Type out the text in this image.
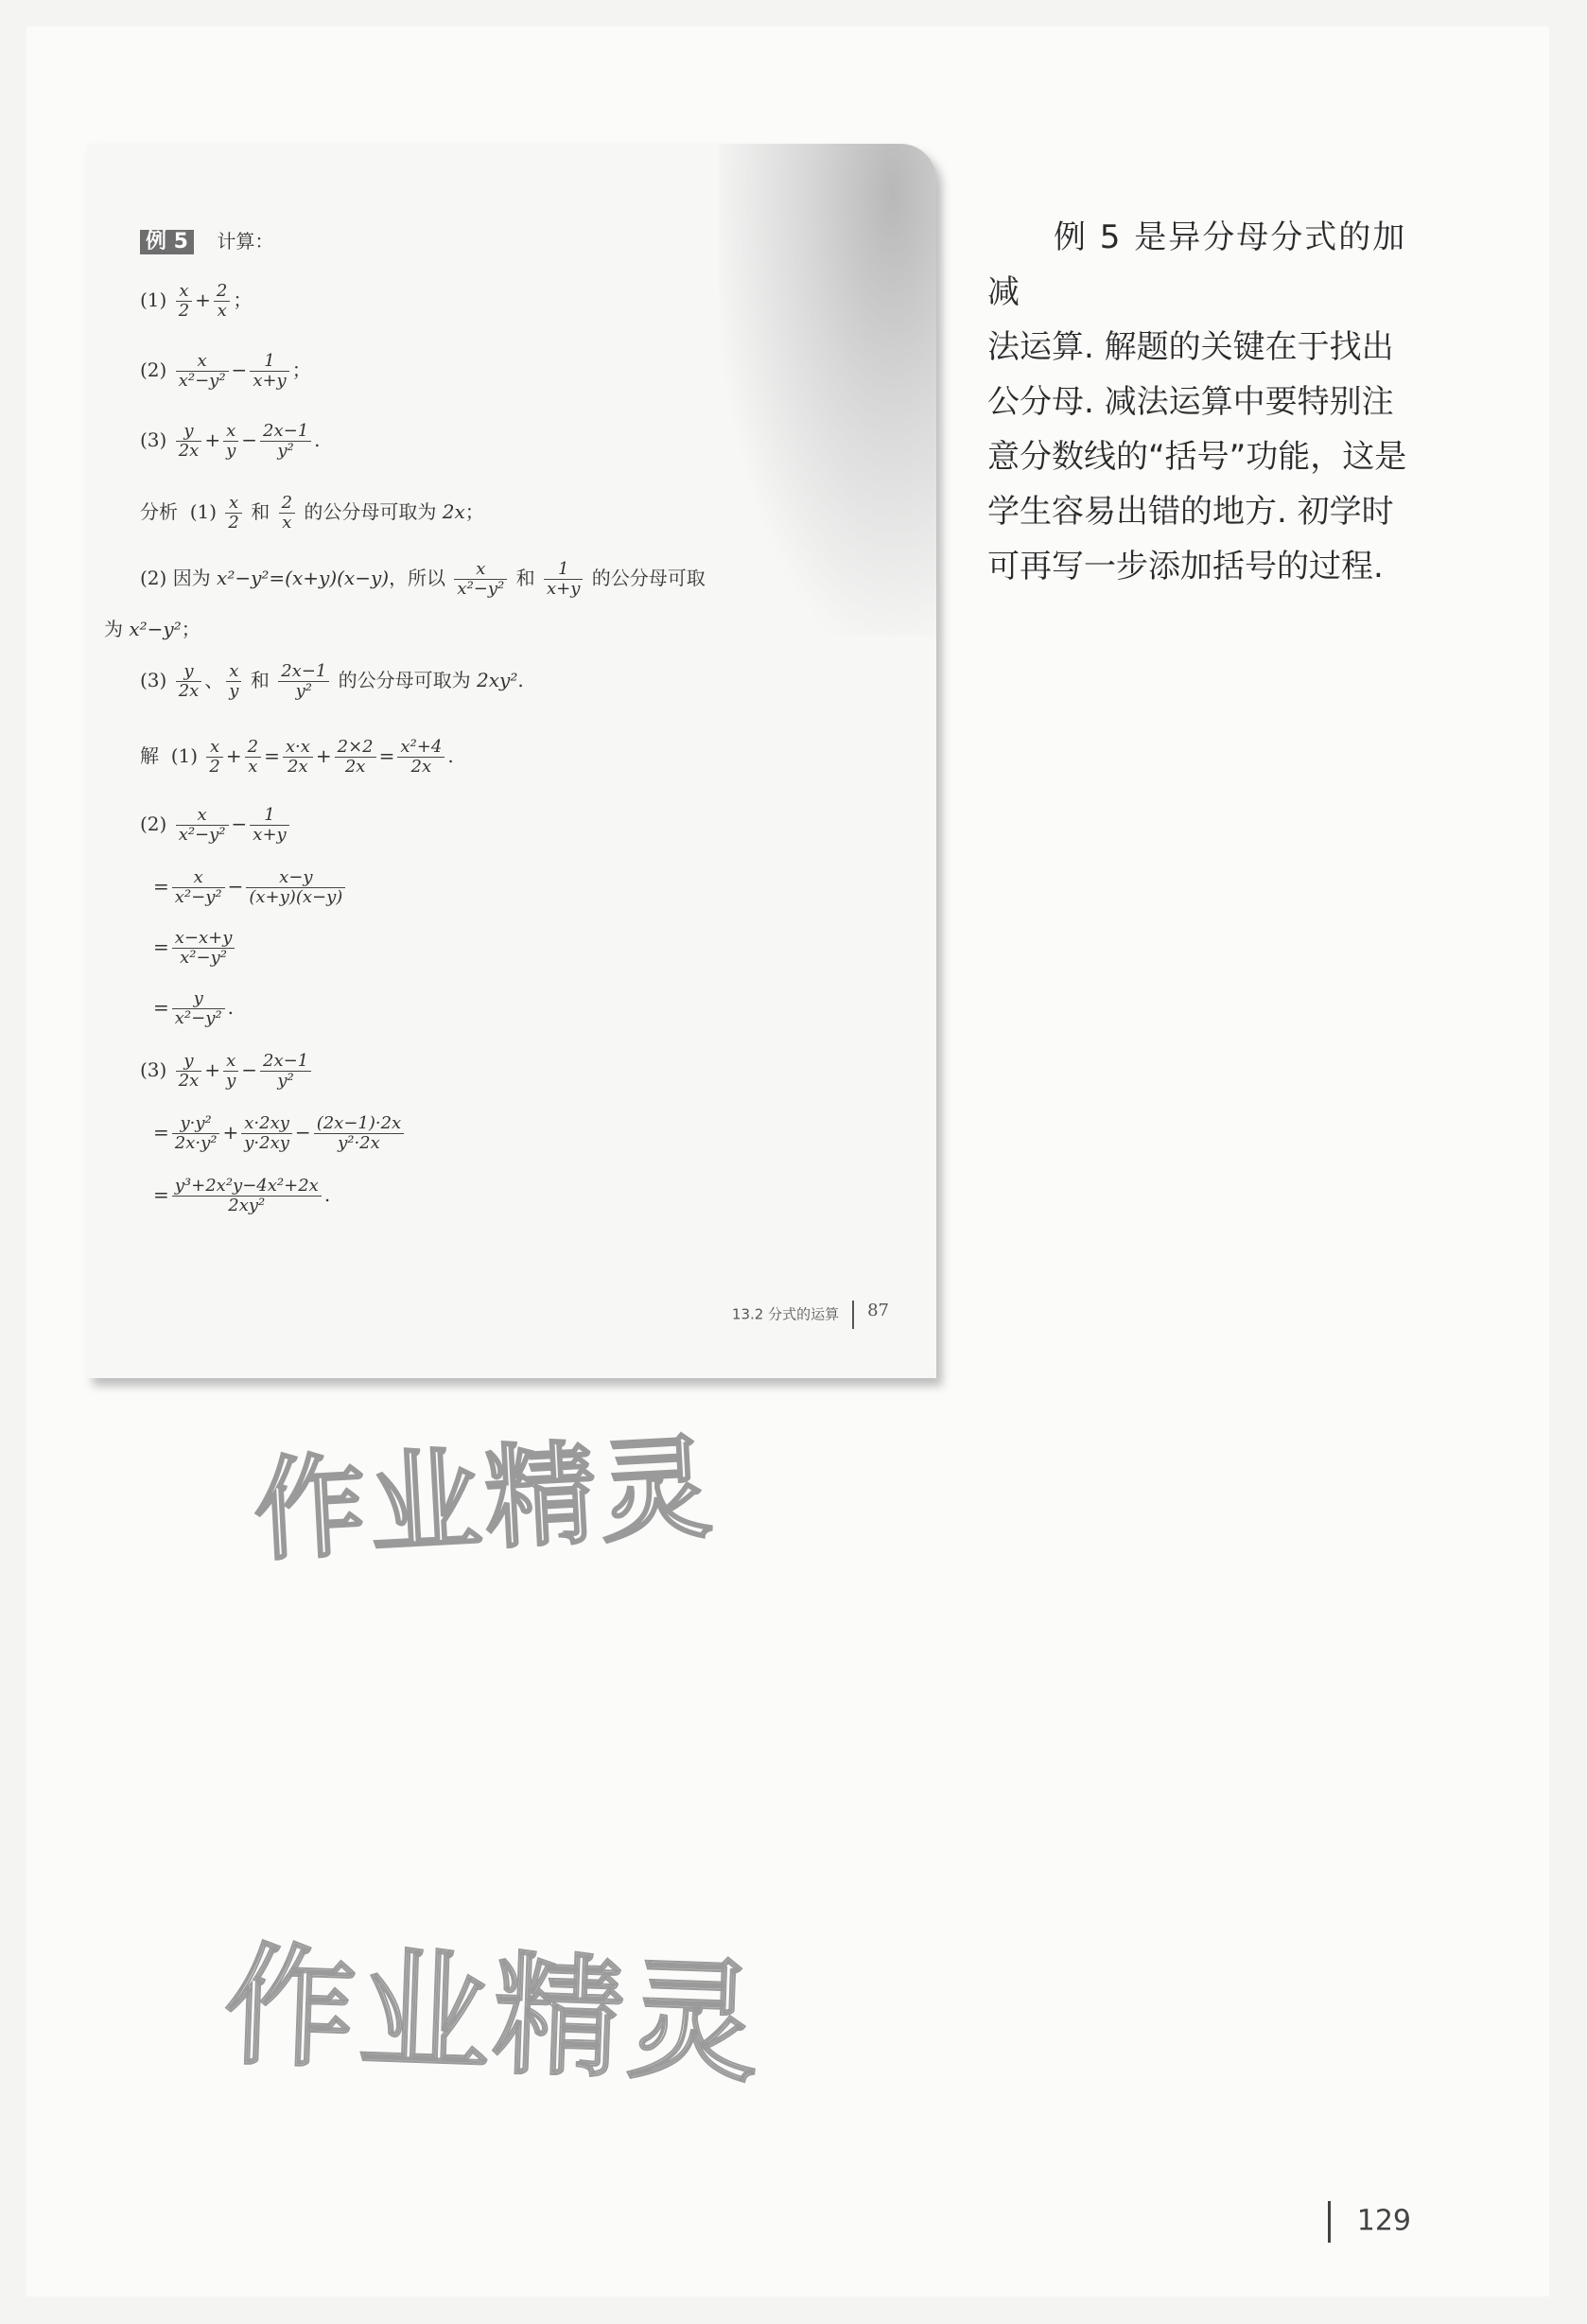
例 5 计算：
$(1) \frac{x}{2} + \frac{2}{x}$ ；
$(2) \frac{x}{\text{x²−y²}} - \frac{1}{x+y}$ ；
$(3) \frac{y}{2x} + \frac{x}{y} - \frac{2x-1}{\text{y²}}$ .
分析  $(1) \frac{x}{2}$ 和 $\frac{2}{x}$ 的公分母可取为 2x；
(2) 因为 x²−y²=(x+y)(x−y)，所以 $\frac{x}{\text{x²−y²}}$ 和 $\frac{1}{x+y}$ 的公分母可取
为 x²−y²；
$(3) \frac{y}{2x}$ 、 $\frac{x}{y}$ 和 $\frac{2x-1}{\text{y²}}$ 的公分母可取为 2xy².
解  $(1) \frac{x}{2} + \frac{2}{x} = \frac{x\cdot x}{2x} + \frac{2\times 2}{2x} = \frac{\text{x²+4}}{2x}$ .
$(2) \frac{x}{\text{x²−y²}} - \frac{1}{x+y}$
= $\frac{x}{\text{x²−y²}} - \frac{x-y}{(x+y)(x-y)}$
= $\frac{x-x+y}{\text{x²−y²}}$
= $\frac{y}{\text{x²−y²}}$ .
$(3) \frac{y}{2x} + \frac{x}{y} - \frac{2x-1}{\text{y²}}$
= $\frac{\text{y·y²}}{\text{2x·y²}} + \frac{x\cdot 2xy}{y\cdot 2xy} - \frac{(2x-1)\cdot 2x}{\text{y²·2x}}$
= $\frac{\text{y³+2x²y−4x²+2x}}{\text{2xy²}}$ .
13.2 分式的运算 87

例 5 是异分母分式的加减

法运算. 解题的关键在于找出
公分母. 减法运算中要特别注
意分数线的“括号”功能，这是
学生容易出错的地方. 初学时
可再写一步添加括号的过程.
作业精灵
作业精灵
129
